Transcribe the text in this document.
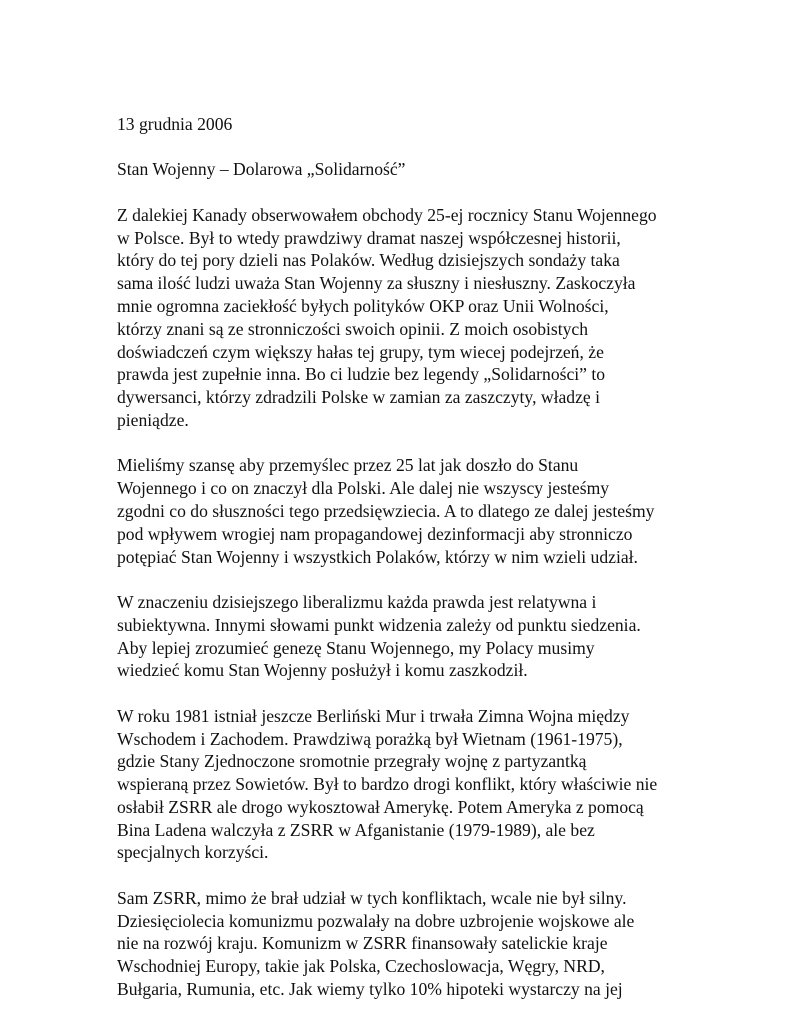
13 grudnia 2006

Stan Wojenny – Dolarowa „Solidarność”

Z dalekiej Kanady obserwowałem obchody 25-ej rocznicy Stanu Wojennego
w Polsce. Był to wtedy prawdziwy dramat naszej współczesnej historii,
który do tej pory dzieli nas Polaków. Według dzisiejszych sondaży taka
sama ilość ludzi uważa Stan Wojenny za słuszny i niesłuszny. Zaskoczyła
mnie ogromna zaciekłość byłych polityków OKP oraz Unii Wolności,
którzy znani są ze stronniczości swoich opinii. Z moich osobistych
doświadczeń czym większy hałas tej grupy, tym wiecej podejrzeń, że
prawda jest zupełnie inna. Bo ci ludzie bez legendy „Solidarności” to
dywersanci, którzy zdradzili Polske w zamian za zaszczyty, władzę i
pieniądze.

Mieliśmy szansę aby przemyślec przez 25 lat jak doszło do Stanu
Wojennego i co on znaczył dla Polski. Ale dalej nie wszyscy jesteśmy
zgodni co do słuszności tego przedsięwziecia. A to dlatego ze dalej jesteśmy
pod wpływem wrogiej nam propagandowej dezinformacji aby stronniczo
potępiać Stan Wojenny i wszystkich Polaków, którzy w nim wzieli udział.

W znaczeniu dzisiejszego liberalizmu każda prawda jest relatywna i
subiektywna. Innymi słowami punkt widzenia zależy od punktu siedzenia.
Aby lepiej zrozumieć genezę Stanu Wojennego, my Polacy musimy
wiedzieć komu Stan Wojenny posłużył i komu zaszkodził.

W roku 1981 istniał jeszcze Berliński Mur i trwała Zimna Wojna między
Wschodem i Zachodem. Prawdziwą porażką był Wietnam (1961-1975),
gdzie Stany Zjednoczone sromotnie przegrały wojnę z partyzantką
wspieraną przez Sowietów. Był to bardzo drogi konflikt, który właściwie nie
osłabił ZSRR ale drogo wykosztował Amerykę. Potem Ameryka z pomocą
Bina Ladena walczyła z ZSRR w Afganistanie (1979-1989), ale bez
specjalnych korzyści.

Sam ZSRR, mimo że brał udział w tych konfliktach, wcale nie był silny.
Dziesięciolecia komunizmu pozwalały na dobre uzbrojenie wojskowe ale
nie na rozwój kraju. Komunizm w ZSRR finansowały satelickie kraje
Wschodniej Europy, takie jak Polska, Czechoslowacja, Węgry, NRD,
Bułgaria, Rumunia, etc. Jak wiemy tylko 10% hipoteki wystarczy na jej
